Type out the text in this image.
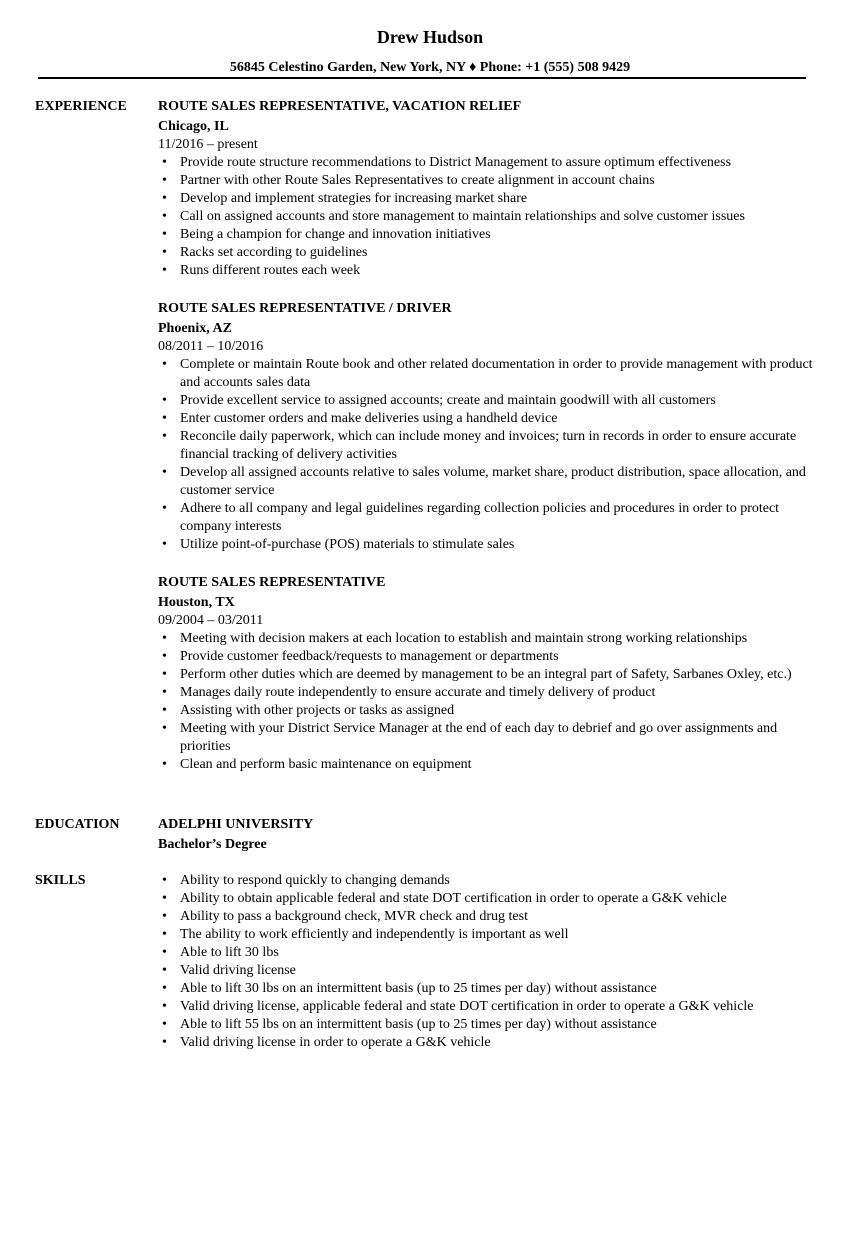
Drew Hudson
56845 Celestino Garden, New York, NY ♦ Phone: +1 (555) 508 9429
EXPERIENCE ROUTE SALES REPRESENTATIVE, VACATION RELIEF
Chicago, IL
11/2016 – present
• Provide route structure recommendations to District Management to assure optimum effectiveness
• Partner with other Route Sales Representatives to create alignment in account chains
• Develop and implement strategies for increasing market share
• Call on assigned accounts and store management to maintain relationships and solve customer issues
• Being a champion for change and innovation initiatives
• Racks set according to guidelines
• Runs different routes each week
ROUTE SALES REPRESENTATIVE / DRIVER
Phoenix, AZ
08/2011 – 10/2016
• Complete or maintain Route book and other related documentation in order to provide management with product and accounts sales data
• Provide excellent service to assigned accounts; create and maintain goodwill with all customers
• Enter customer orders and make deliveries using a handheld device
• Reconcile daily paperwork, which can include money and invoices; turn in records in order to ensure accurate financial tracking of delivery activities
• Develop all assigned accounts relative to sales volume, market share, product distribution, space allocation, and customer service
• Adhere to all company and legal guidelines regarding collection policies and procedures in order to protect company interests
• Utilize point-of-purchase (POS) materials to stimulate sales
ROUTE SALES REPRESENTATIVE
Houston, TX
09/2004 – 03/2011
• Meeting with decision makers at each location to establish and maintain strong working relationships
• Provide customer feedback/requests to management or departments
• Perform other duties which are deemed by management to be an integral part of Safety, Sarbanes Oxley, etc.)
• Manages daily route independently to ensure accurate and timely delivery of product
• Assisting with other projects or tasks as assigned
• Meeting with your District Service Manager at the end of each day to debrief and go over assignments and priorities
• Clean and perform basic maintenance on equipment
EDUCATION	ADELPHI UNIVERSITY
Bachelor’s Degree
SKILLS	• Ability to respond quickly to changing demands
• Ability to obtain applicable federal and state DOT certification in order to operate a G&K vehicle
• Ability to pass a background check, MVR check and drug test
• The ability to work efficiently and independently is important as well
• Able to lift 30 lbs
• Valid driving license
• Able to lift 30 lbs on an intermittent basis (up to 25 times per day) without assistance
• Valid driving license, applicable federal and state DOT certification in order to operate a G&K vehicle
• Able to lift 55 lbs on an intermittent basis (up to 25 times per day) without assistance
• Valid driving license in order to operate a G&K vehicle
